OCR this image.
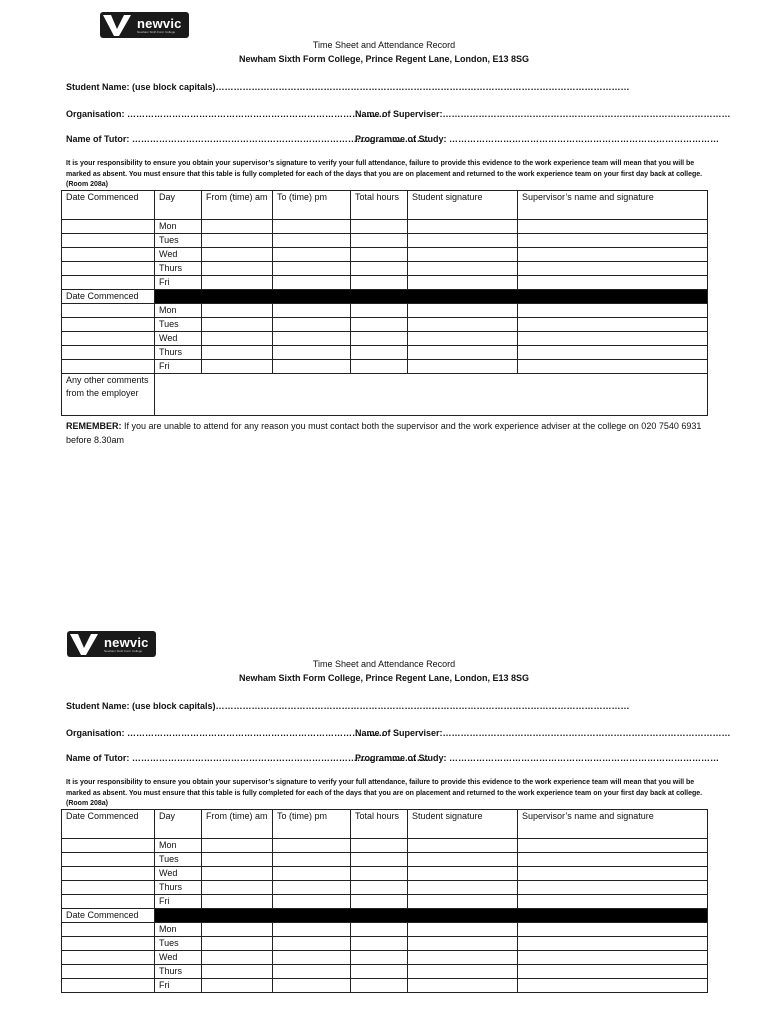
newvic
Newham Sixth Form College
Time Sheet and Attendance Record
Newham Sixth Form College, Prince Regent Lane, London, E13 8SG
Student Name: (use block capitals)…………………………………………………………………………………………………………………………
Organisation: …………………………………………………………………………..
Name of Superviser:……………………………………………………………………………………
Name of Tutor: ………………………………………………………………………………………
Programme of Study: ………………………………………………………………………………
It is your responsibility to ensure you obtain your supervisor’s signature to verify your full attendance, failure to provide this evidence to the work experience team will mean that you will be marked as absent. You must ensure that this table is fully completed for each of the days that you are on placement and returned to the work experience team on your first day back at college. (Room 208a)
Date Commenced	Day	From (time) am	To (time) pm	Total hours	Student signature	Supervisor’s name and signature
	Mon					
	Tues					
	Wed					
	Thurs					
	Fri					
Date Commenced						
	Mon					
	Tues					
	Wed					
	Thurs					
	Fri					
Any other comments from the employer						
REMEMBER: If you are unable to attend for any reason you must contact both the supervisor and the work experience adviser at the college on 020 7540 6931 before 8.30am
newvic
Newham Sixth Form College
Time Sheet and Attendance Record
Newham Sixth Form College, Prince Regent Lane, London, E13 8SG
Student Name: (use block capitals)…………………………………………………………………………………………………………………………
Organisation: …………………………………………………………………………..
Name of Superviser:……………………………………………………………………………………
Name of Tutor: ………………………………………………………………………………………
Programme of Study: ………………………………………………………………………………
It is your responsibility to ensure you obtain your supervisor’s signature to verify your full attendance, failure to provide this evidence to the work experience team will mean that you will be marked as absent. You must ensure that this table is fully completed for each of the days that you are on placement and returned to the work experience team on your first day back at college. (Room 208a)
Date Commenced	Day	From (time) am	To (time) pm	Total hours	Student signature	Supervisor’s name and signature
	Mon					
	Tues					
	Wed					
	Thurs					
	Fri					
Date Commenced						
	Mon					
	Tues					
	Wed					
	Thurs					
	Fri					
